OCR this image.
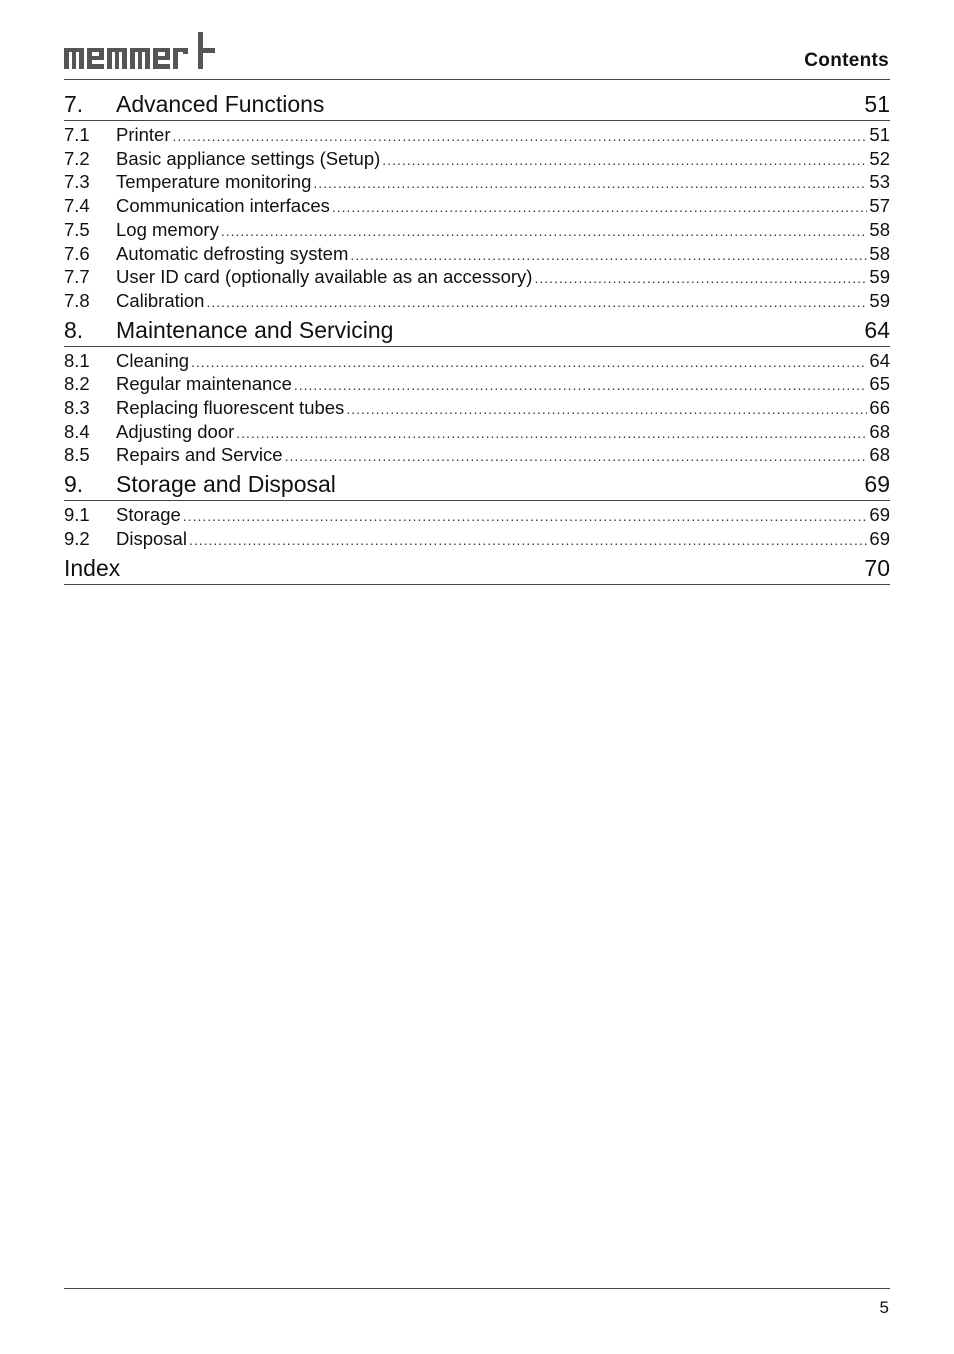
Contents
7.	Advanced Functions	51
7.1	Printer .....	51
7.2	Basic appliance settings (Setup) .....	52
7.3	Temperature monitoring .....	53
7.4	Communication interfaces .....	57
7.5	Log memory .....	58
7.6	Automatic defrosting system .....	58
7.7	User ID card (optionally available as an accessory) .....	59
7.8	Calibration .....	59
8.	Maintenance and Servicing	64
8.1	Cleaning .....	64
8.2	Regular maintenance .....	65
8.3	Replacing fluorescent tubes .....	66
8.4	Adjusting door .....	68
8.5	Repairs and Service .....	68
9.	Storage and Disposal	69
9.1	Storage .....	69
9.2	Disposal .....	69
Index	70
5
